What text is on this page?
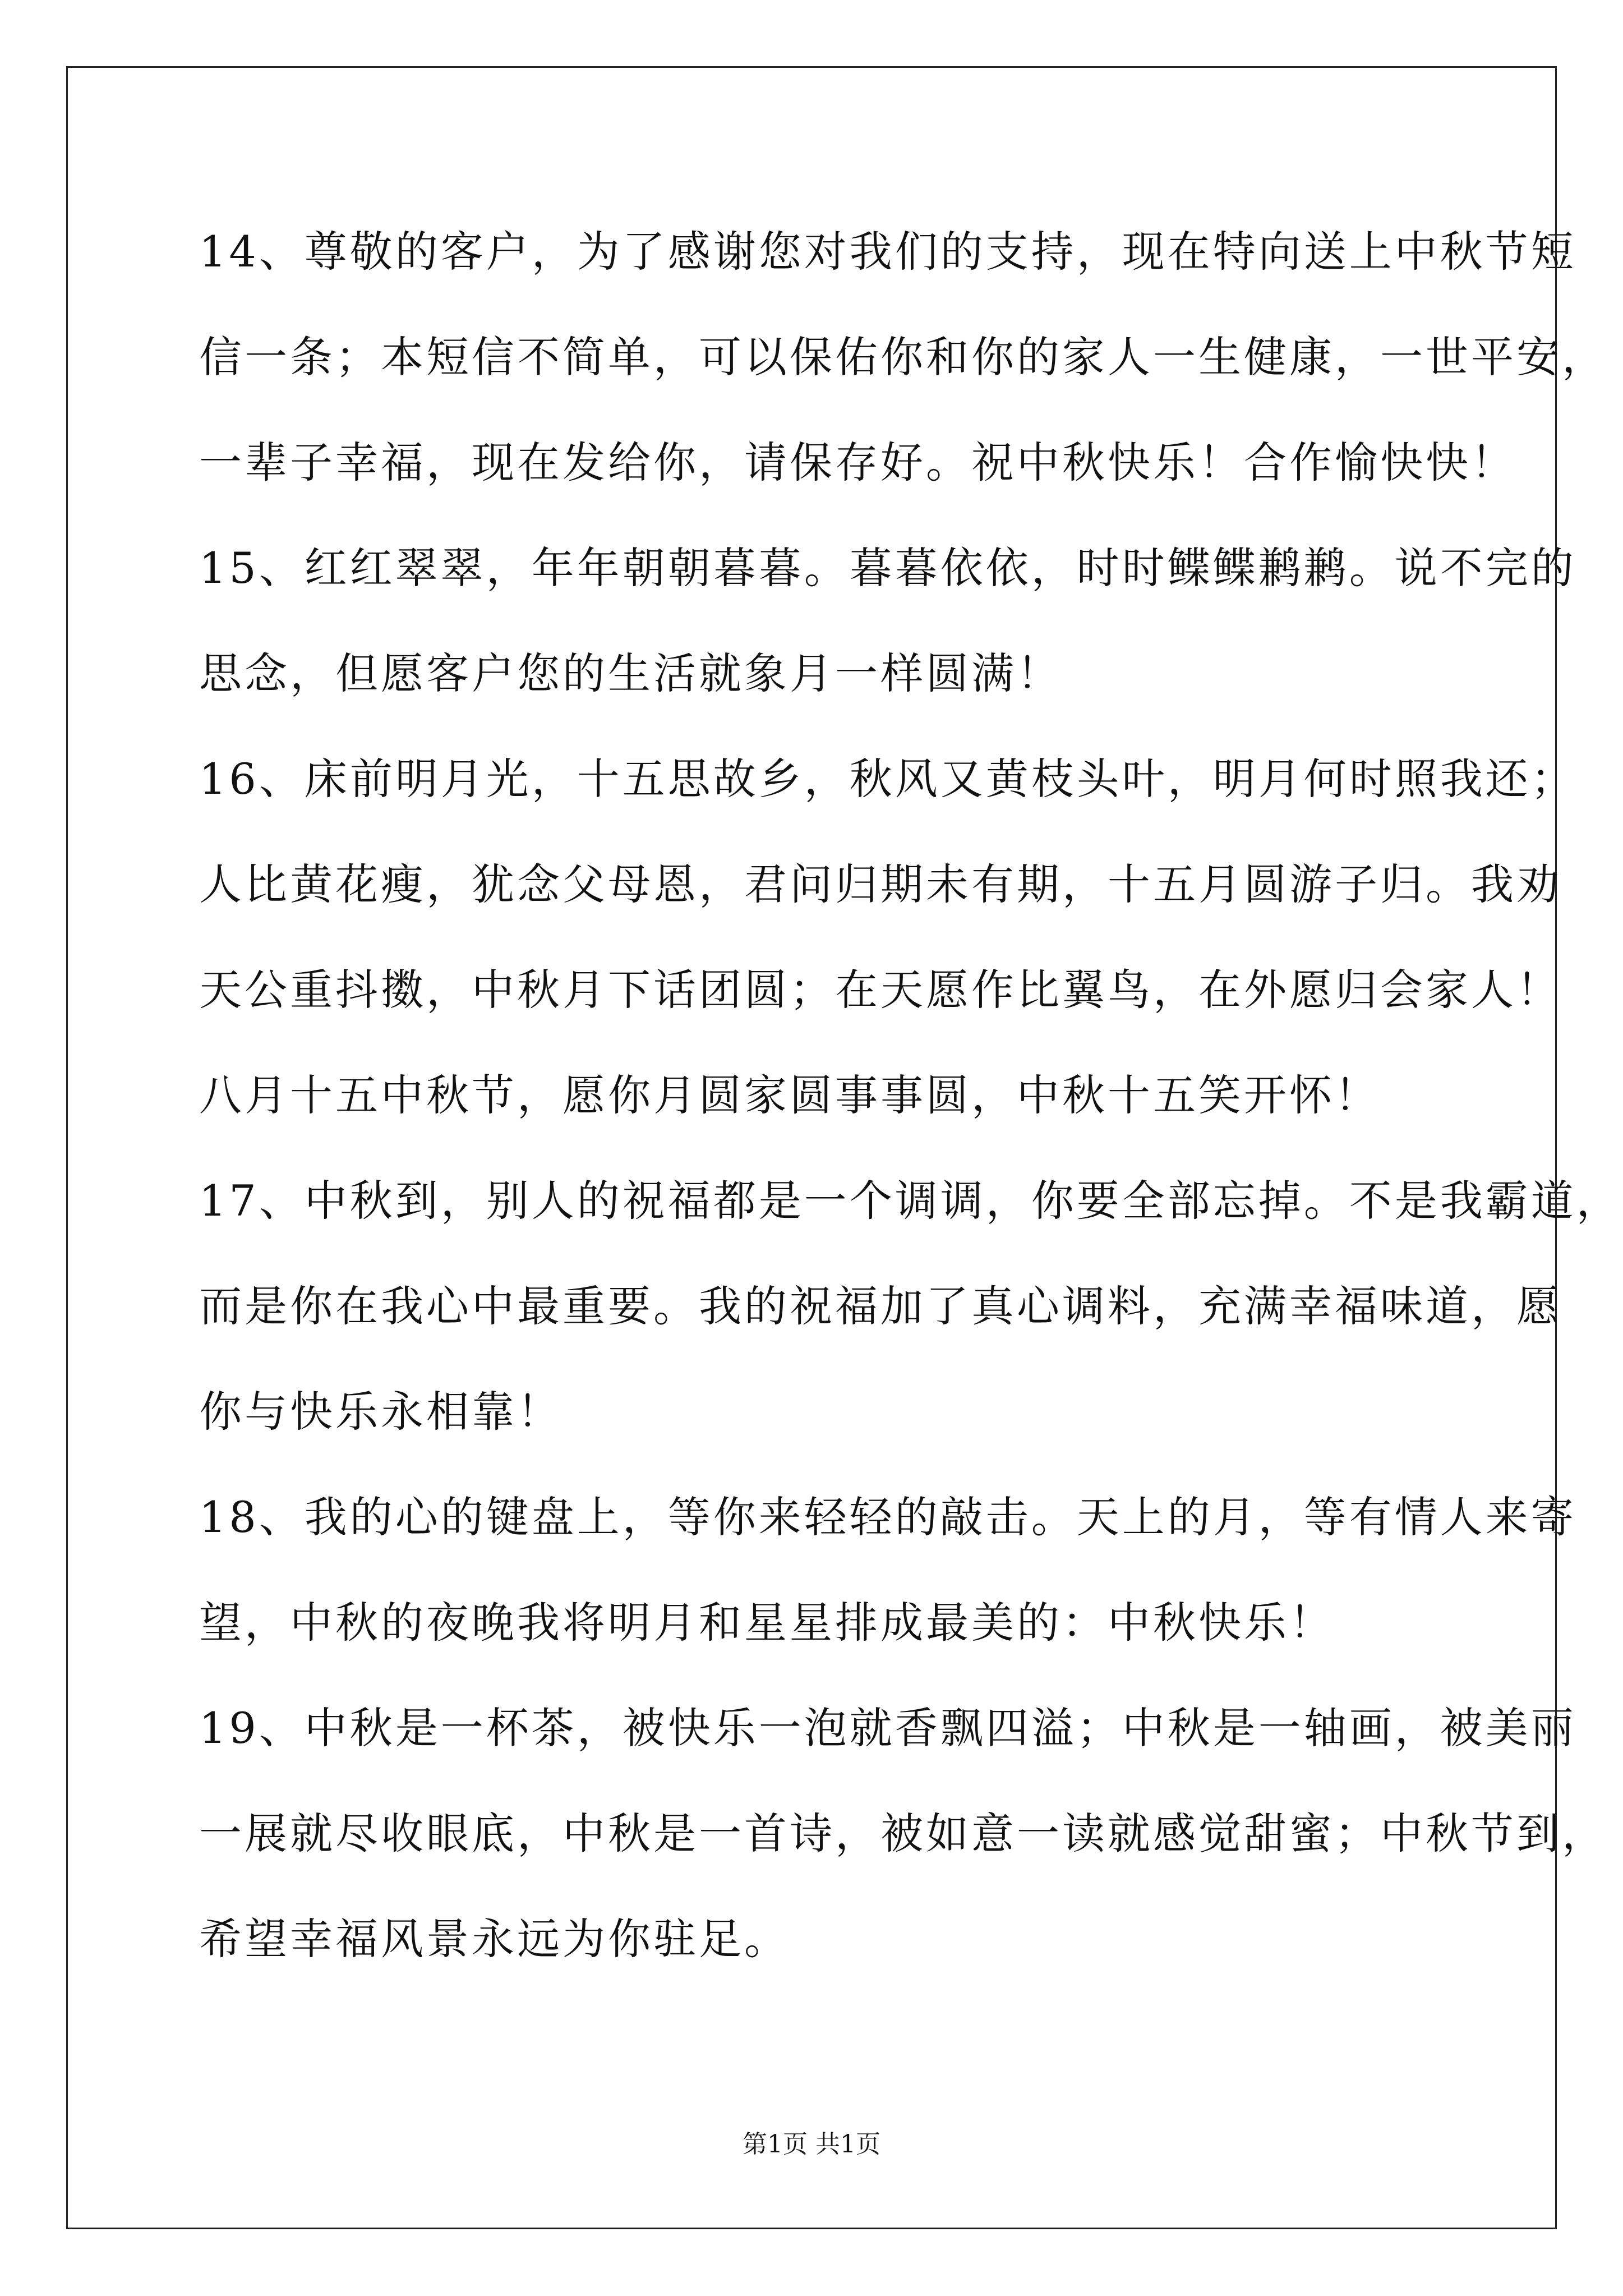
14、尊敬的客户，为了感谢您对我们的支持，现在特向送上中秋节短
信一条；本短信不简单，可以保佑你和你的家人一生健康，一世平安，
一辈子幸福，现在发给你，请保存好。祝中秋快乐！合作愉快快！
15、红红翠翠，年年朝朝暮暮。暮暮依依，时时鲽鲽鹣鹣。说不完的
思念，但愿客户您的生活就象月一样圆满！
16、床前明月光，十五思故乡，秋风又黄枝头叶，明月何时照我还；
人比黄花瘦，犹念父母恩，君问归期未有期，十五月圆游子归。我劝
天公重抖擞，中秋月下话团圆；在天愿作比翼鸟，在外愿归会家人！
八月十五中秋节，愿你月圆家圆事事圆，中秋十五笑开怀！
17、中秋到，别人的祝福都是一个调调，你要全部忘掉。不是我霸道，
而是你在我心中最重要。我的祝福加了真心调料，充满幸福味道，愿
你与快乐永相靠！
18、我的心的键盘上，等你来轻轻的敲击。天上的月，等有情人来寄
望，中秋的夜晚我将明月和星星排成最美的：中秋快乐！
19、中秋是一杯茶，被快乐一泡就香飘四溢；中秋是一轴画，被美丽
一展就尽收眼底，中秋是一首诗，被如意一读就感觉甜蜜；中秋节到，
希望幸福风景永远为你驻足。
第1页 共1页
